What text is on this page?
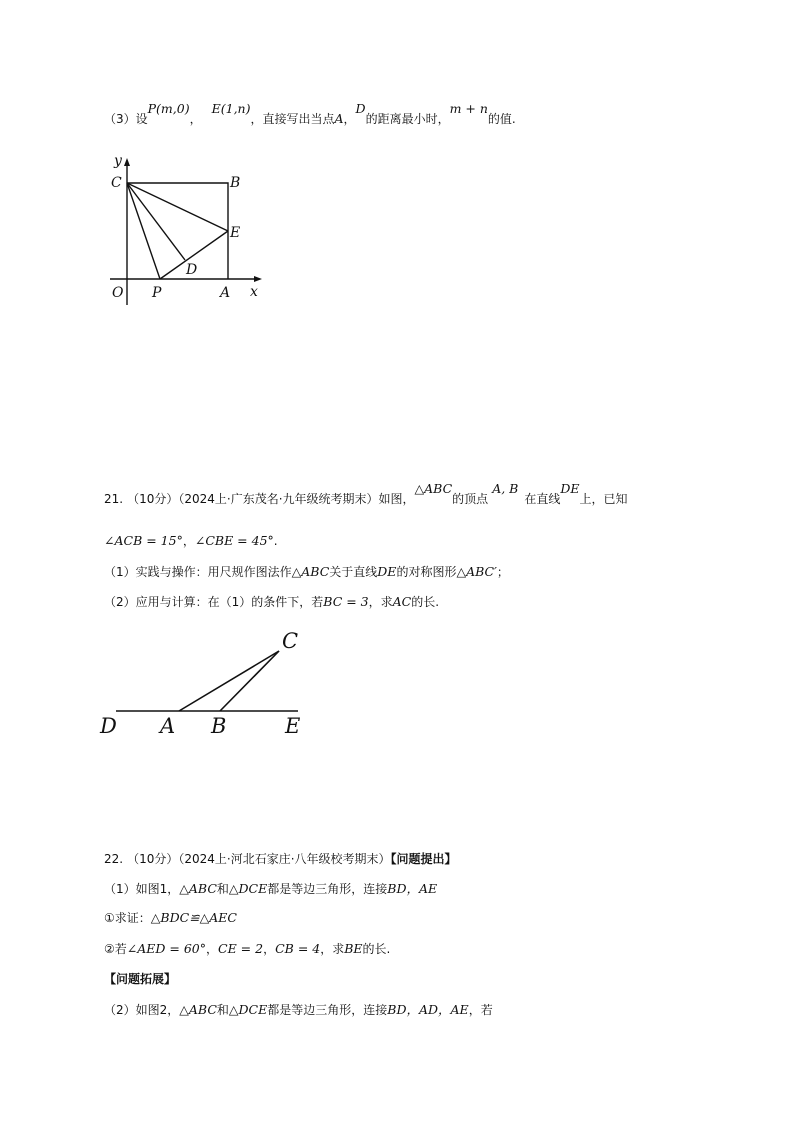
（3）设P(m,0)，E(1,n)，直接写出当点A，D的距离最小时，m + n的值.
y
C	B
E
D
O P	A x
21. （10分）（2024上·广东茂名·九年级统考期末）如图，△ABC的顶点A, B在直线DE上，已知
∠ACB = 15°，∠CBE = 45°.
（1）实践与操作：用尺规作图法作△ABC关于直线DE的对称图形△ABC′；
（2）应用与计算：在（1）的条件下，若BC = 3，求AC的长.
C
D A B	E
22. （10分）（2024上·河北石家庄·八年级校考期末）【问题提出】
（1）如图1，△ABC和△DCE都是等边三角形，连接BD，AE
①求证：△BDC≌△AEC
②若∠AED = 60°，CE = 2，CB = 4，求BE的长.
【问题拓展】
（2）如图2，△ABC和△DCE都是等边三角形，连接BD，AD，AE，若
